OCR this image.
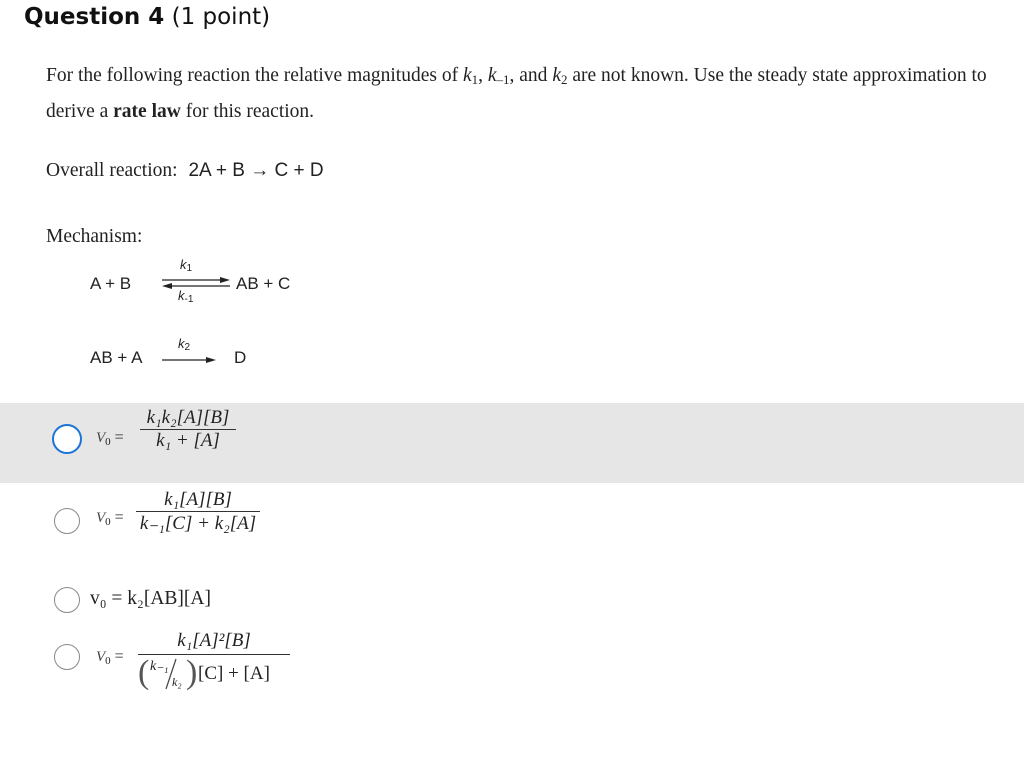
Question 4 (1 point)
For the following reaction the relative magnitudes of $k_1$, $k_{-1}$, and $k_2$ are not known. Use the steady state approximation to derive a rate law for this reaction.
Overall reaction: 2A + B → C + D
Mechanism:
A + B
$k_1$
$k_{-1}$
AB + C
AB + A
$k_2$
D
V0 =
k₁k₂[A][B]
k₁ + [A]
V0 =
k₁[A][B]
k₋₁[C] + k₂[A]
v₀ = k₂[AB][A]
V0 =
k₁[A]²[B]
( k₋₁
k₂ ) [C] + [A]
